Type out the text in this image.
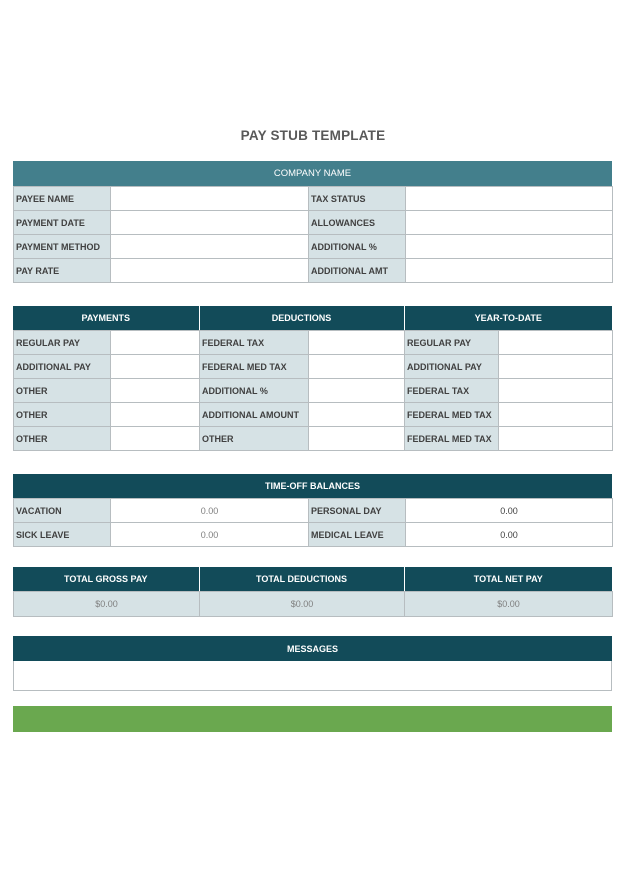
PAY STUB TEMPLATE
COMPANY NAME
PAYEE NAME		TAX STATUS	
PAYMENT DATE		ALLOWANCES	
PAYMENT METHOD		ADDITIONAL %	
PAY RATE		ADDITIONAL AMT	
PAYMENTS	DEDUCTIONS	YEAR-TO-DATE
REGULAR PAY		FEDERAL TAX		REGULAR PAY	
ADDITIONAL PAY		FEDERAL MED TAX		ADDITIONAL PAY	
OTHER		ADDITIONAL %		FEDERAL TAX	
OTHER		ADDITIONAL AMOUNT		FEDERAL MED TAX	
OTHER		OTHER		FEDERAL MED TAX	
TIME-OFF BALANCES
VACATION	0.00	PERSONAL DAY	0.00
SICK LEAVE	0.00	MEDICAL LEAVE	0.00
TOTAL GROSS PAY	TOTAL DEDUCTIONS	TOTAL NET PAY
$0.00	$0.00	$0.00
MESSAGES
